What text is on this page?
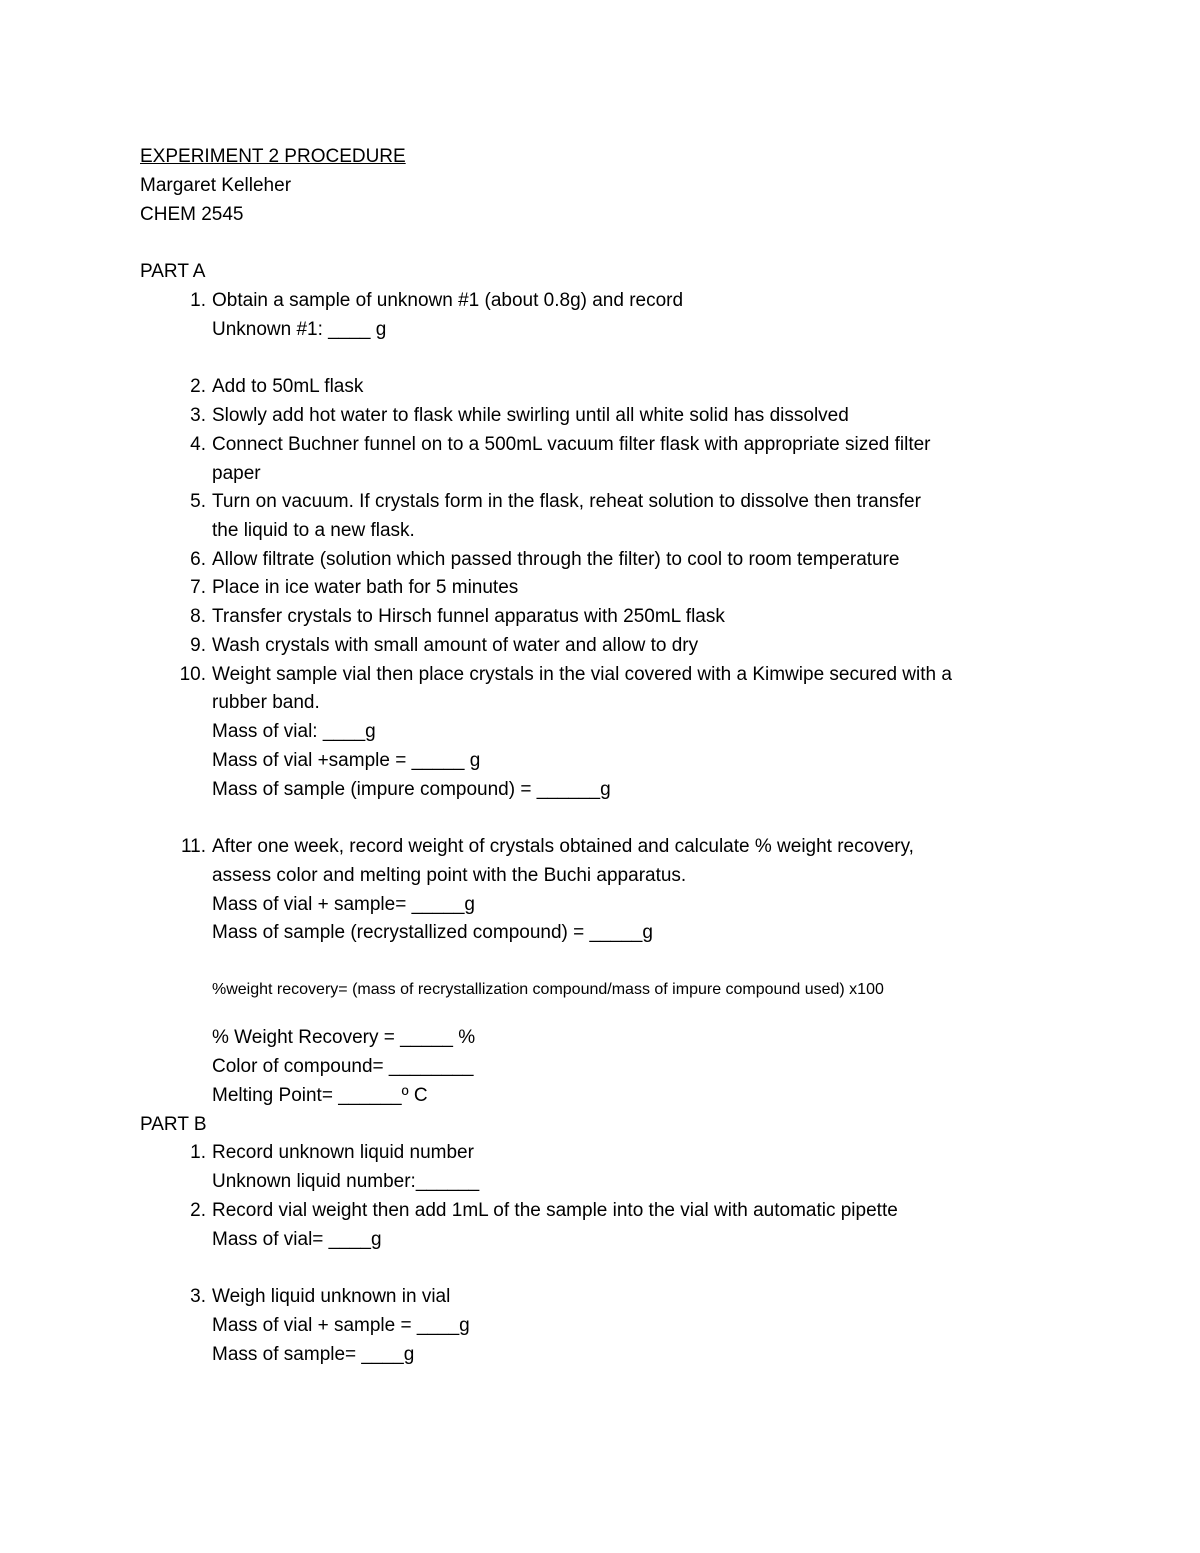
EXPERIMENT 2 PROCEDURE
Margaret Kelleher
CHEM 2545
PART A
1. Obtain a sample of unknown #1 (about 0.8g) and record
Unknown #1: ____ g
2. Add to 50mL flask
3. Slowly add hot water to flask while swirling until all white solid has dissolved
4. Connect Buchner funnel on to a 500mL vacuum filter flask with appropriate sized filter
paper
5. Turn on vacuum. If crystals form in the flask, reheat solution to dissolve then transfer
the liquid to a new flask.
6. Allow filtrate (solution which passed through the filter) to cool to room temperature
7. Place in ice water bath for 5 minutes
8. Transfer crystals to Hirsch funnel apparatus with 250mL flask
9. Wash crystals with small amount of water and allow to dry
10. Weight sample vial then place crystals in the vial covered with a Kimwipe secured with a
rubber band.
Mass of vial: ____g
Mass of vial +sample = _____ g
Mass of sample (impure compound) = ______g
11. After one week, record weight of crystals obtained and calculate % weight recovery,
assess color and melting point with the Buchi apparatus.
Mass of vial + sample= _____g
Mass of sample (recrystallized compound) = _____g
%weight recovery= (mass of recrystallization compound/mass of impure compound used) x100
% Weight Recovery = _____ %
Color of compound= ________
Melting Point= ______º C
PART B
1. Record unknown liquid number
Unknown liquid number:______
2. Record vial weight then add 1mL of the sample into the vial with automatic pipette
Mass of vial= ____g
3. Weigh liquid unknown in vial
Mass of vial + sample = ____g
Mass of sample= ____g
